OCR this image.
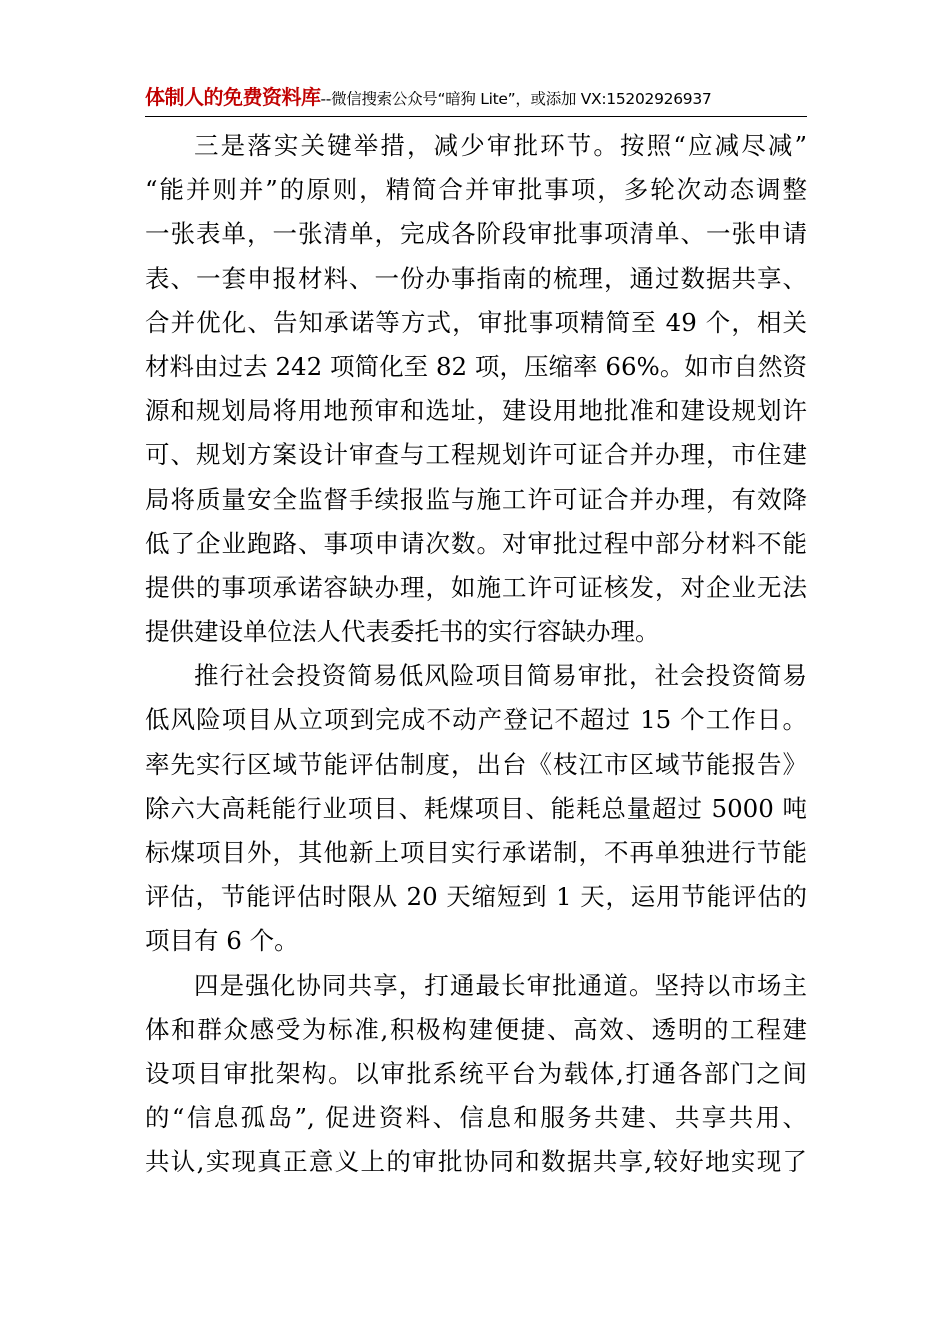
体制人的免费资料库--微信搜索公众号“暗狗 Lite”，或添加 VX:15202926937
三是落实关键举措，减少审批环节。按照“应减尽减”
“能并则并”的原则，精简合并审批事项，多轮次动态调整
一张表单，一张清单，完成各阶段审批事项清单、一张申请
表、一套申报材料、一份办事指南的梳理，通过数据共享、
合并优化、告知承诺等方式，审批事项精简至 49 个，相关
材料由过去 242 项简化至 82 项，压缩率 66%。如市自然资
源和规划局将用地预审和选址，建设用地批准和建设规划许
可、规划方案设计审查与工程规划许可证合并办理，市住建
局将质量安全监督手续报监与施工许可证合并办理，有效降
低了企业跑路、事项申请次数。对审批过程中部分材料不能
提供的事项承诺容缺办理，如施工许可证核发，对企业无法
提供建设单位法人代表委托书的实行容缺办理。
推行社会投资简易低风险项目简易审批，社会投资简易
低风险项目从立项到完成不动产登记不超过 15 个工作日。
率先实行区域节能评估制度，出台《枝江市区域节能报告》
除六大高耗能行业项目、耗煤项目、能耗总量超过 5000 吨
标煤项目外，其他新上项目实行承诺制，不再单独进行节能
评估，节能评估时限从 20 天缩短到 1 天，运用节能评估的
项目有 6 个。
四是强化协同共享，打通最长审批通道。坚持以市场主
体和群众感受为标准,积极构建便捷、高效、透明的工程建
设项目审批架构。以审批系统平台为载体,打通各部门之间
的“信息孤岛”, 促进资料、信息和服务共建、共享共用、
共认,实现真正意义上的审批协同和数据共享,较好地实现了
